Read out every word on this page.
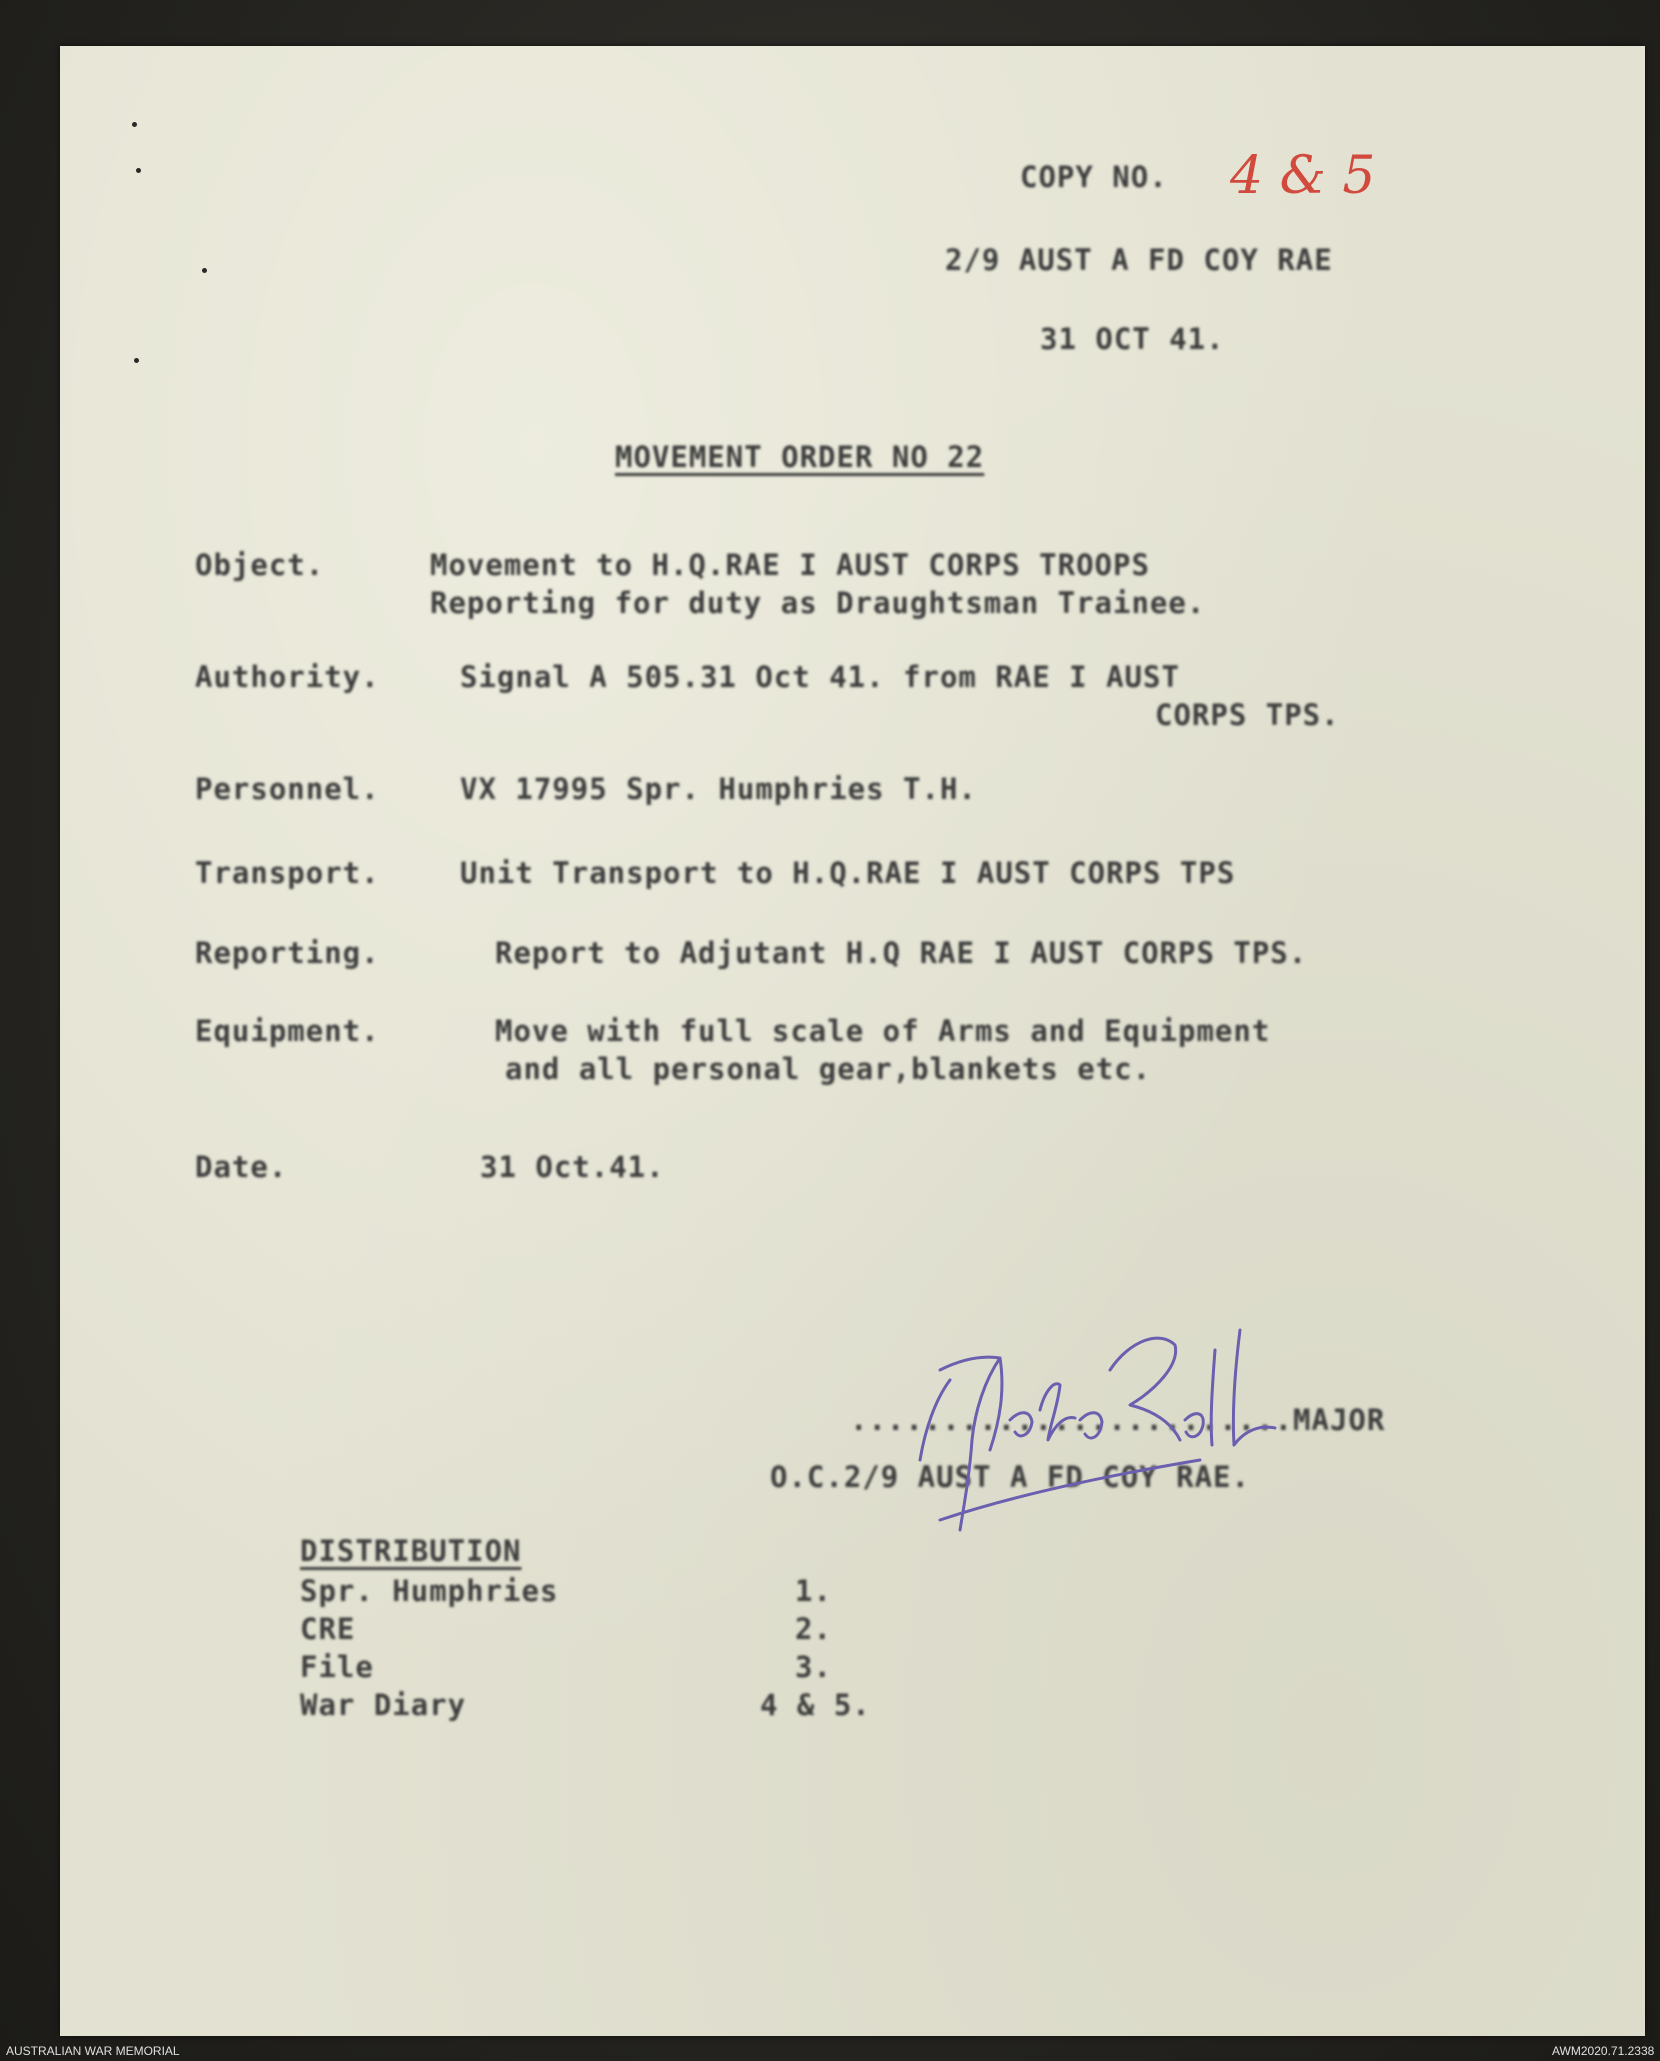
COPY NO. 4 & 5
2/9 AUST A FD COY RAE
31 OCT 41.
MOVEMENT ORDER NO 22
Object.	Movement to H.Q.RAE I AUST CORPS TROOPS
Reporting for duty as Draughtsman Trainee.
Authority.	Signal A 505.31 Oct 41. from RAE I AUST
CORPS TPS.
Personnel.	VX 17995 Spr. Humphries T.H.
Transport.	Unit Transport to H.Q.RAE I AUST CORPS TPS
Reporting.	Report to Adjutant H.Q RAE I AUST CORPS TPS.
Equipment.	Move with full scale of Arms and Equipment
and all personal gear,blankets etc.
Date.	31 Oct.41.
........................MAJOR
O.C.2/9 AUST A FD COY RAE.
DISTRIBUTION
Spr. Humphries	1.
CRE	2.
File	3.
War Diary	4 & 5.
AUSTRALIAN WAR MEMORIAL	AWM2020.71.2338
